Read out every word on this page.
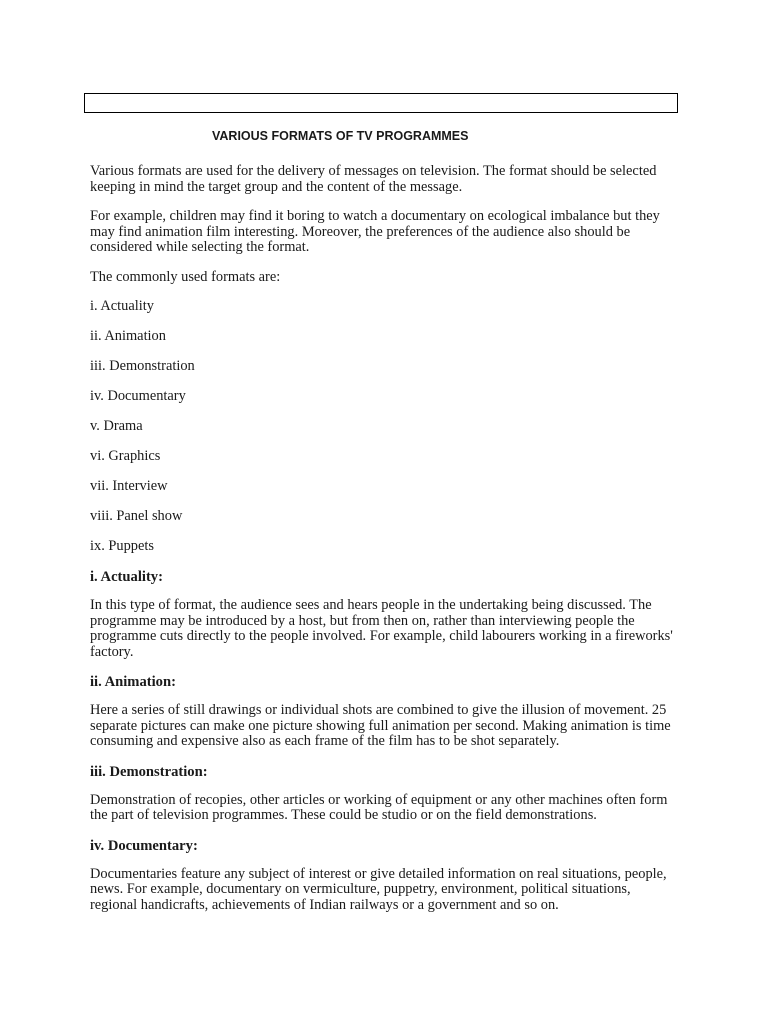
VARIOUS FORMATS OF TV PROGRAMMES

Various formats are used for the delivery of messages on television. The format should be selected keeping in mind the target group and the content of the message.

For example, children may find it boring to watch a documentary on ecological imbalance but they may find animation film interesting. Moreover, the preferences of the audience also should be considered while selecting the format.

The commonly used formats are:

i. Actuality
ii. Animation
iii. Demonstration
iv. Documentary
v. Drama
vi. Graphics
vii. Interview
viii. Panel show
ix. Puppets

i. Actuality:

In this type of format, the audience sees and hears people in the undertaking being discussed. The programme may be introduced by a host, but from then on, rather than interviewing people the programme cuts directly to the people involved. For example, child labourers working in a fireworks' factory.

ii. Animation:

Here a series of still drawings or individual shots are combined to give the illusion of movement. 25 separate pictures can make one picture showing full animation per second. Making animation is time consuming and expensive also as each frame of the film has to be shot separately.

iii. Demonstration:

Demonstration of recopies, other articles or working of equipment or any other machines often form the part of television programmes. These could be studio or on the field demonstrations.

iv. Documentary:

Documentaries feature any subject of interest or give detailed information on real situations, people, news. For example, documentary on vermiculture, puppetry, environment, political situations, regional handicrafts, achievements of Indian railways or a government and so on.
